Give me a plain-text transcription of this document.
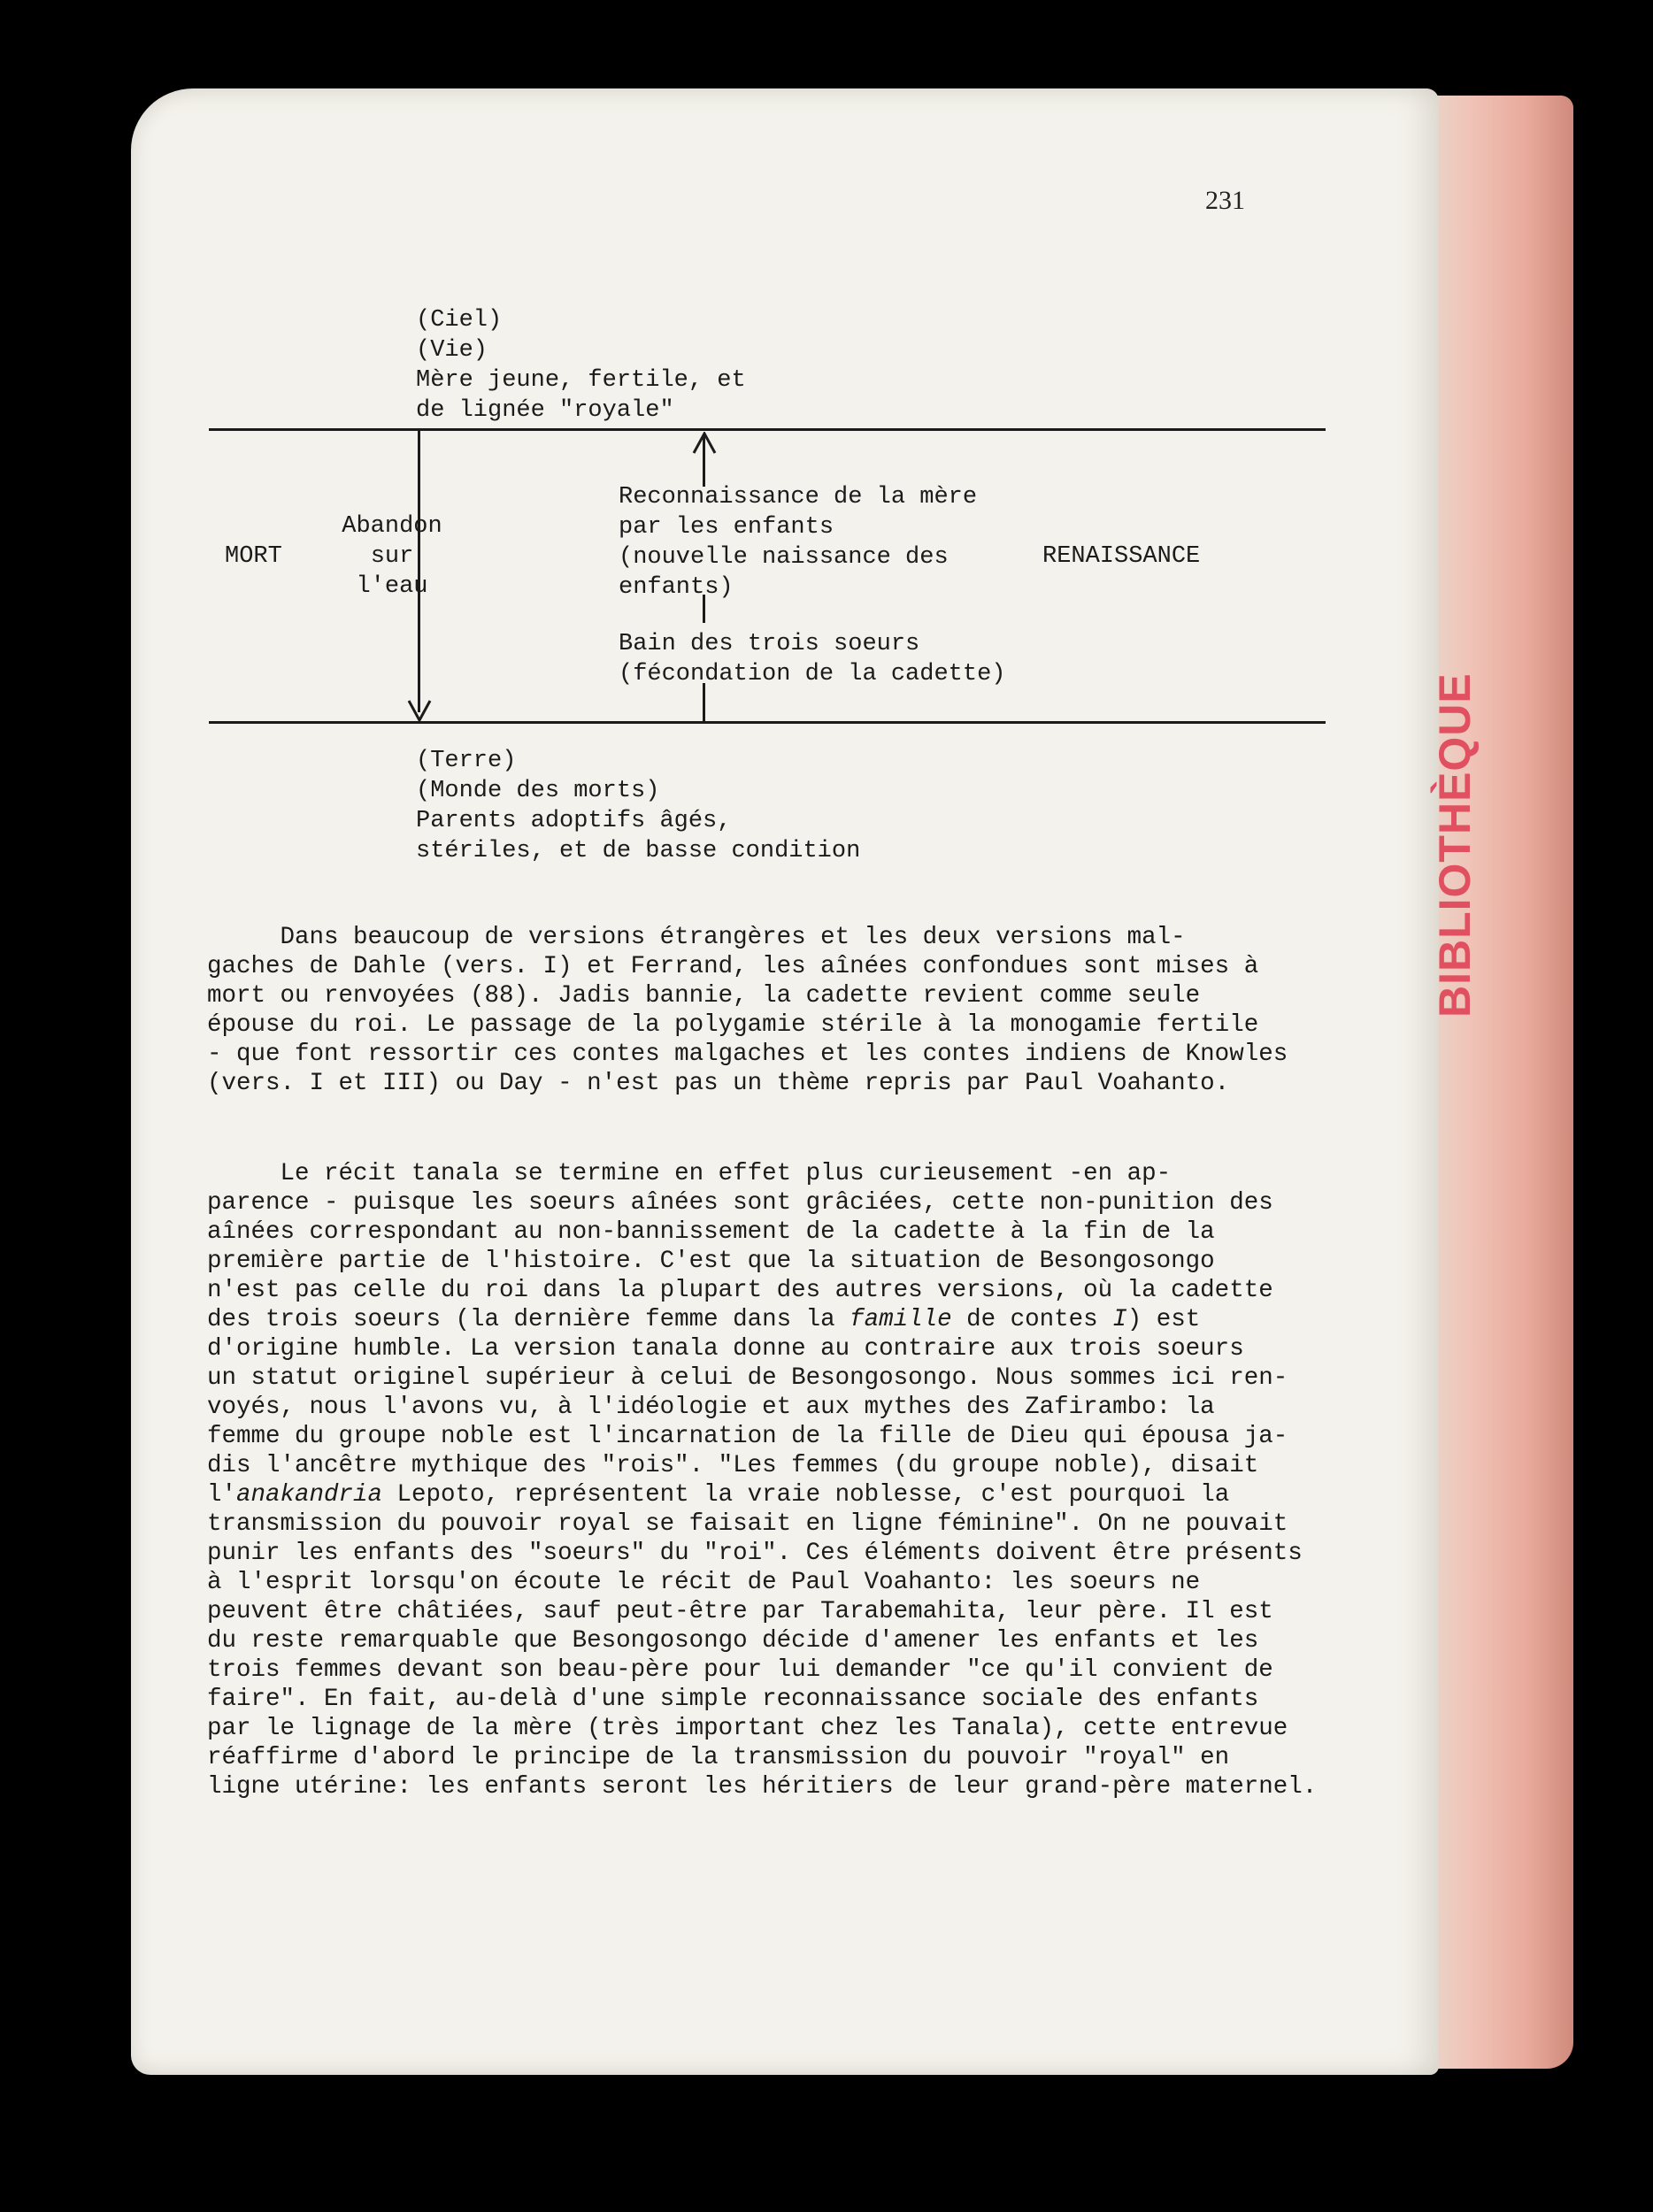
231
BIBLIOTHÈQUE
(Ciel)
(Vie)
Mère jeune, fertile, et
de lignée "royale"
MORT
Abandon
sur
l'eau
Reconnaissance de la mère
par les enfants
(nouvelle naissance des
enfants)
RENAISSANCE
Bain des trois soeurs
(fécondation de la cadette)
(Terre)
(Monde des morts)
Parents adoptifs âgés,
stériles, et de basse condition
Dans beaucoup de versions étrangères et les deux versions mal-
gaches de Dahle (vers. I) et Ferrand, les aînées confondues sont mises à
mort ou renvoyées (88). Jadis bannie, la cadette revient comme seule
épouse du roi. Le passage de la polygamie stérile à la monogamie fertile
- que font ressortir ces contes malgaches et les contes indiens de Knowles
(vers. I et III) ou Day - n'est pas un thème repris par Paul Voahanto.
Le récit tanala se termine en effet plus curieusement -en ap-
parence - puisque les soeurs aînées sont grâciées, cette non-punition des
aînées correspondant au non-bannissement de la cadette à la fin de la
première partie de l'histoire. C'est que la situation de Besongosongo
n'est pas celle du roi dans la plupart des autres versions, où la cadette
des trois soeurs (la dernière femme dans la famille de contes I) est
d'origine humble. La version tanala donne au contraire aux trois soeurs
un statut originel supérieur à celui de Besongosongo. Nous sommes ici ren-
voyés, nous l'avons vu, à l'idéologie et aux mythes des Zafirambo: la
femme du groupe noble est l'incarnation de la fille de Dieu qui épousa ja-
dis l'ancêtre mythique des "rois". "Les femmes (du groupe noble), disait
l'anakandria Lepoto, représentent la vraie noblesse, c'est pourquoi la
transmission du pouvoir royal se faisait en ligne féminine". On ne pouvait
punir les enfants des "soeurs" du "roi". Ces éléments doivent être présents
à l'esprit lorsqu'on écoute le récit de Paul Voahanto: les soeurs ne
peuvent être châtiées, sauf peut-être par Tarabemahita, leur père. Il est
du reste remarquable que Besongosongo décide d'amener les enfants et les
trois femmes devant son beau-père pour lui demander "ce qu'il convient de
faire". En fait, au-delà d'une simple reconnaissance sociale des enfants
par le lignage de la mère (très important chez les Tanala), cette entrevue
réaffirme d'abord le principe de la transmission du pouvoir "royal" en
ligne utérine: les enfants seront les héritiers de leur grand-père maternel.
